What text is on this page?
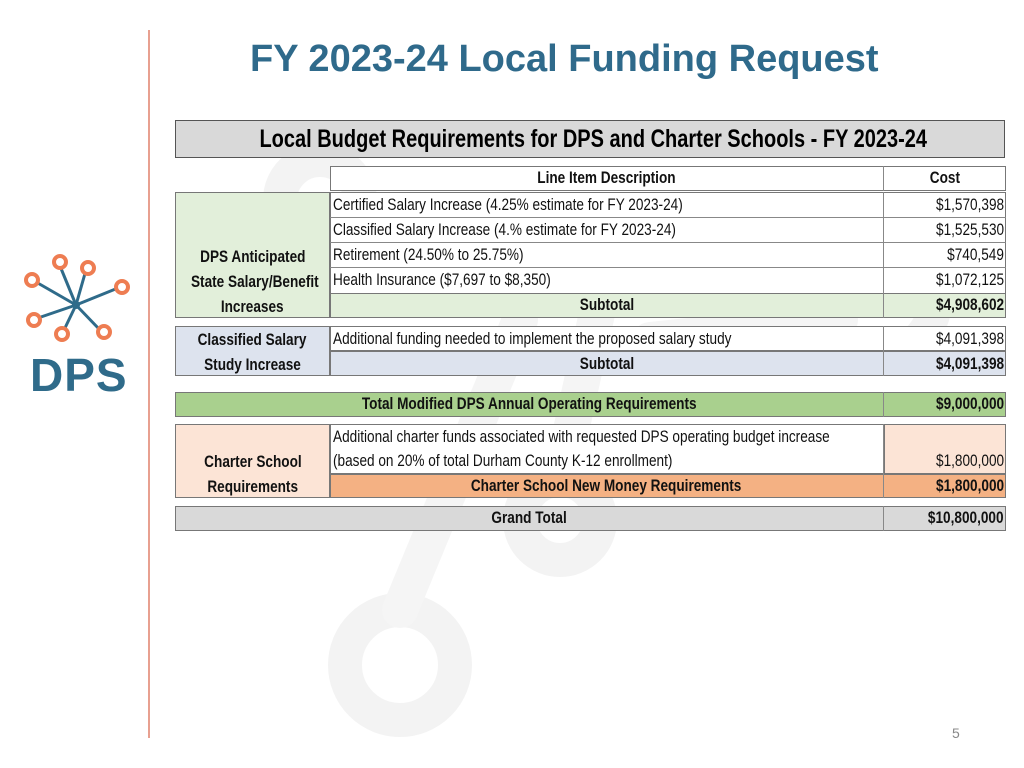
DPS
FY 2023-24 Local Funding Request
Local Budget Requirements for DPS and Charter Schools - FY 2023-24
Line Item Description	Cost
DPS Anticipated
State Salary/Benefit
Increases
Certified Salary Increase (4.25% estimate for FY 2023-24)	$1,570,398
Classified Salary Increase (4.% estimate for FY 2023-24)	$1,525,530
Retirement (24.50% to 25.75%)	$740,549
Health Insurance ($7,697 to $8,350)	$1,072,125
Subtotal	$4,908,602
Classified Salary
Study Increase
Additional funding needed to implement the proposed salary study	$4,091,398
Subtotal	$4,091,398
Total Modified DPS Annual Operating Requirements	$9,000,000
Charter School
Requirements
Additional charter funds associated with requested DPS operating budget increase
(based on 20% of total Durham County K-12 enrollment)	$1,800,000
Charter School New Money Requirements	$1,800,000
Grand Total	$10,800,000
5
